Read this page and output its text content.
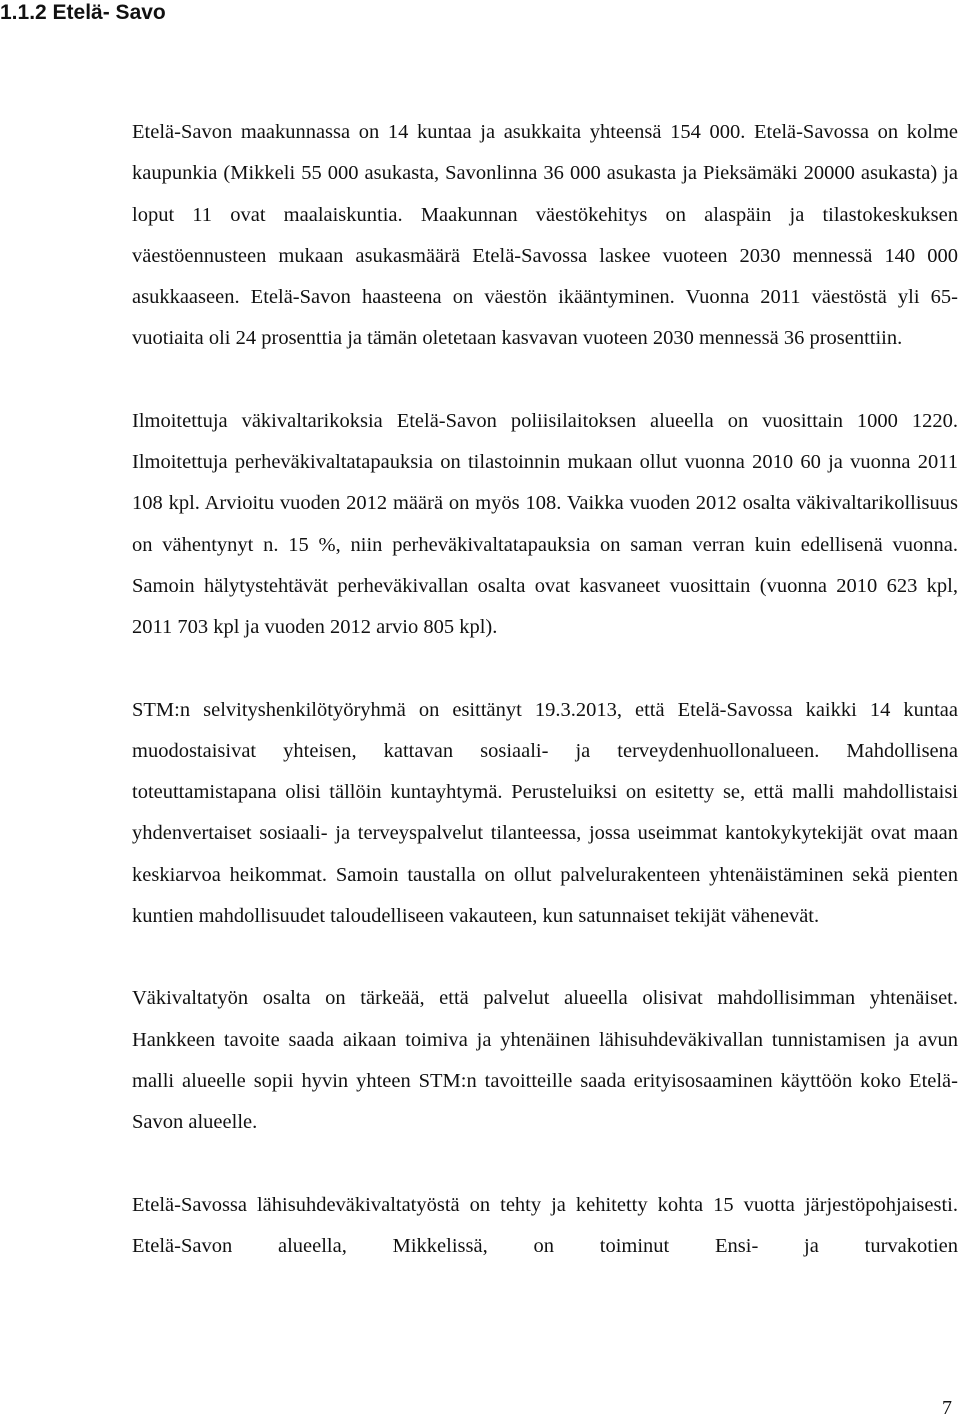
1.1.2 Etelä- Savo

Etelä-Savon maakunnassa on 14 kuntaa ja asukkaita yhteensä 154 000. Etelä-Savossa on kolme kaupunkia (Mikkeli 55 000 asukasta, Savonlinna 36 000 asukasta ja Pieksämäki 20000 asukasta) ja loput 11 ovat maalaiskuntia. Maakunnan väestökehitys on alaspäin ja tilastokeskuksen väestöennusteen mukaan asukasmäärä Etelä-Savossa laskee vuoteen 2030 mennessä 140 000 asukkaaseen. Etelä-Savon haasteena on väestön ikääntyminen. Vuonna 2011 väestöstä yli 65-vuotiaita oli 24 prosenttia ja tämän oletetaan kasvavan vuoteen 2030 mennessä 36 prosenttiin.

Ilmoitettuja väkivaltarikoksia Etelä-Savon poliisilaitoksen alueella on vuosittain 1000 1220. Ilmoitettuja perheväkivaltatapauksia on tilastoinnin mukaan ollut vuonna 2010 60 ja vuonna 2011 108 kpl. Arvioitu vuoden 2012 määrä on myös 108. Vaikka vuoden 2012 osalta väkivaltarikollisuus on vähentynyt n. 15 %, niin perheväkivaltatapauksia on saman verran kuin edellisenä vuonna. Samoin hälytystehtävät perheväkivallan osalta ovat kasvaneet vuosittain (vuonna 2010 623 kpl, 2011 703 kpl ja vuoden 2012 arvio 805 kpl).

STM:n selvityshenkilötyöryhmä on esittänyt 19.3.2013, että Etelä-Savossa kaikki 14 kuntaa muodostaisivat yhteisen, kattavan sosiaali- ja terveydenhuollonalueen. Mahdollisena toteuttamistapana olisi tällöin kuntayhtymä. Perusteluiksi on esitetty se, että malli mahdollistaisi yhdenvertaiset sosiaali- ja terveyspalvelut tilanteessa, jossa useimmat kantokykytekijät ovat maan keskiarvoa heikommat. Samoin taustalla on ollut palvelurakenteen yhtenäistäminen sekä pienten kuntien mahdollisuudet taloudelliseen vakauteen, kun satunnaiset tekijät vähenevät.

Väkivaltatyön osalta on tärkeää, että palvelut alueella olisivat mahdollisimman yhtenäiset. Hankkeen tavoite saada aikaan toimiva ja yhtenäinen lähisuhdeväkivallan tunnistamisen ja avun malli alueelle sopii hyvin yhteen STM:n tavoitteille saada erityisosaaminen käyttöön koko Etelä-Savon alueelle.

Etelä-Savossa lähisuhdeväkivaltatyöstä on tehty ja kehitetty kohta 15 vuotta järjestöpohjaisesti. Etelä-Savon alueella, Mikkelissä, on toiminut Ensi- ja turvakotien

7
